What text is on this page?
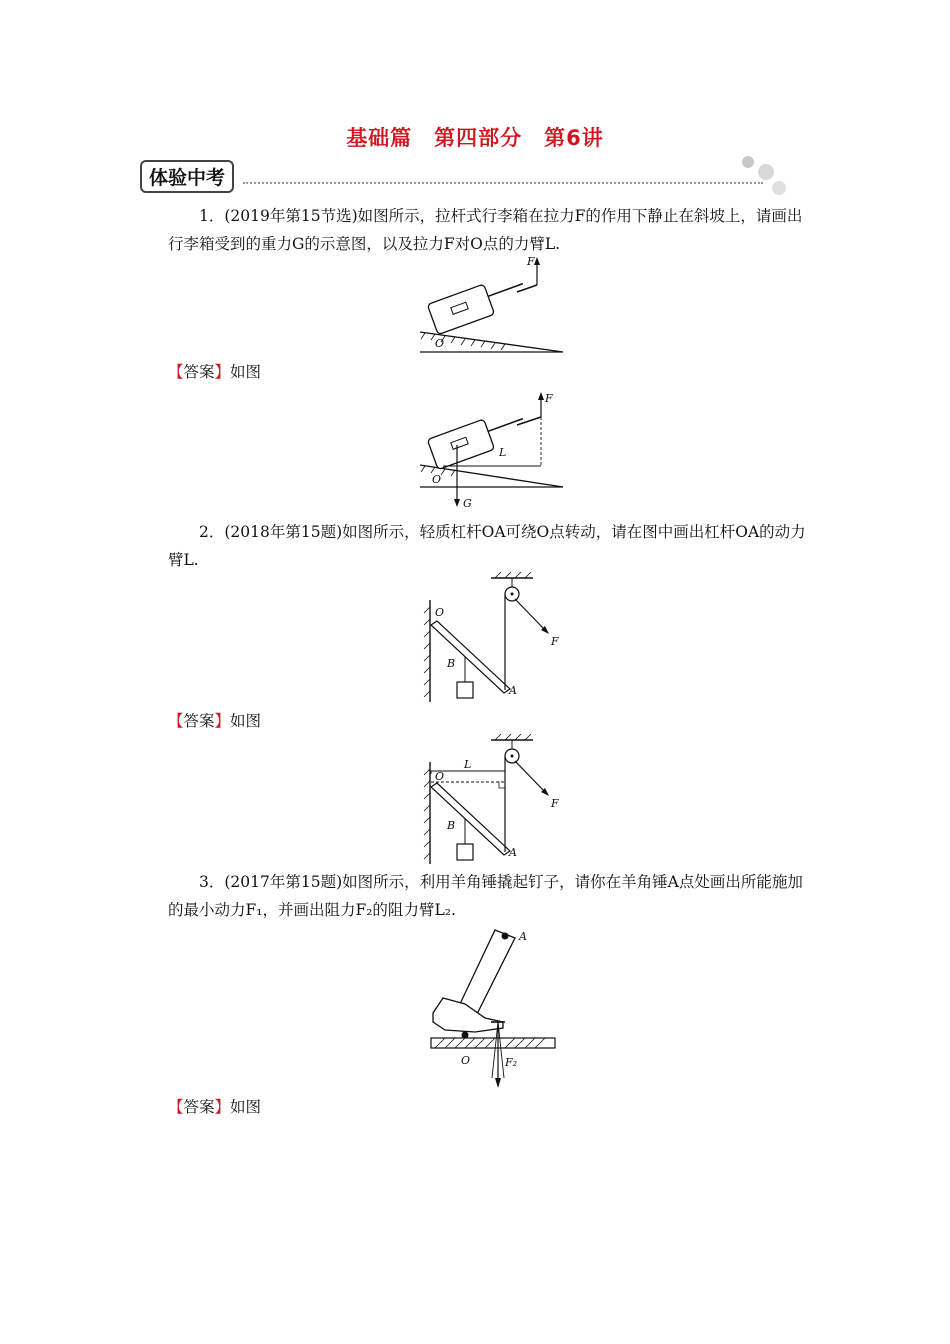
基础篇　第四部分　第6讲
体验中考
1．(2019年第15节选)如图所示，拉杆式行李箱在拉力F的作用下静止在斜坡上，请画出行李箱受到的重力G的示意图，以及拉力F对O点的力臂L.
F
O
【答案】如图
F
L
O
G
2．(2018年第15题)如图所示，轻质杠杆OA可绕O点转动，请在图中画出杠杆OA的动力臂L.
O
B
A
F
【答案】如图
O
L
B
A
F
3．(2017年第15题)如图所示，利用羊角锤撬起钉子，请你在羊角锤A点处画出所能施加的最小动力F₁，并画出阻力F₂的阻力臂L₂.
A
O	F₂
【答案】如图
